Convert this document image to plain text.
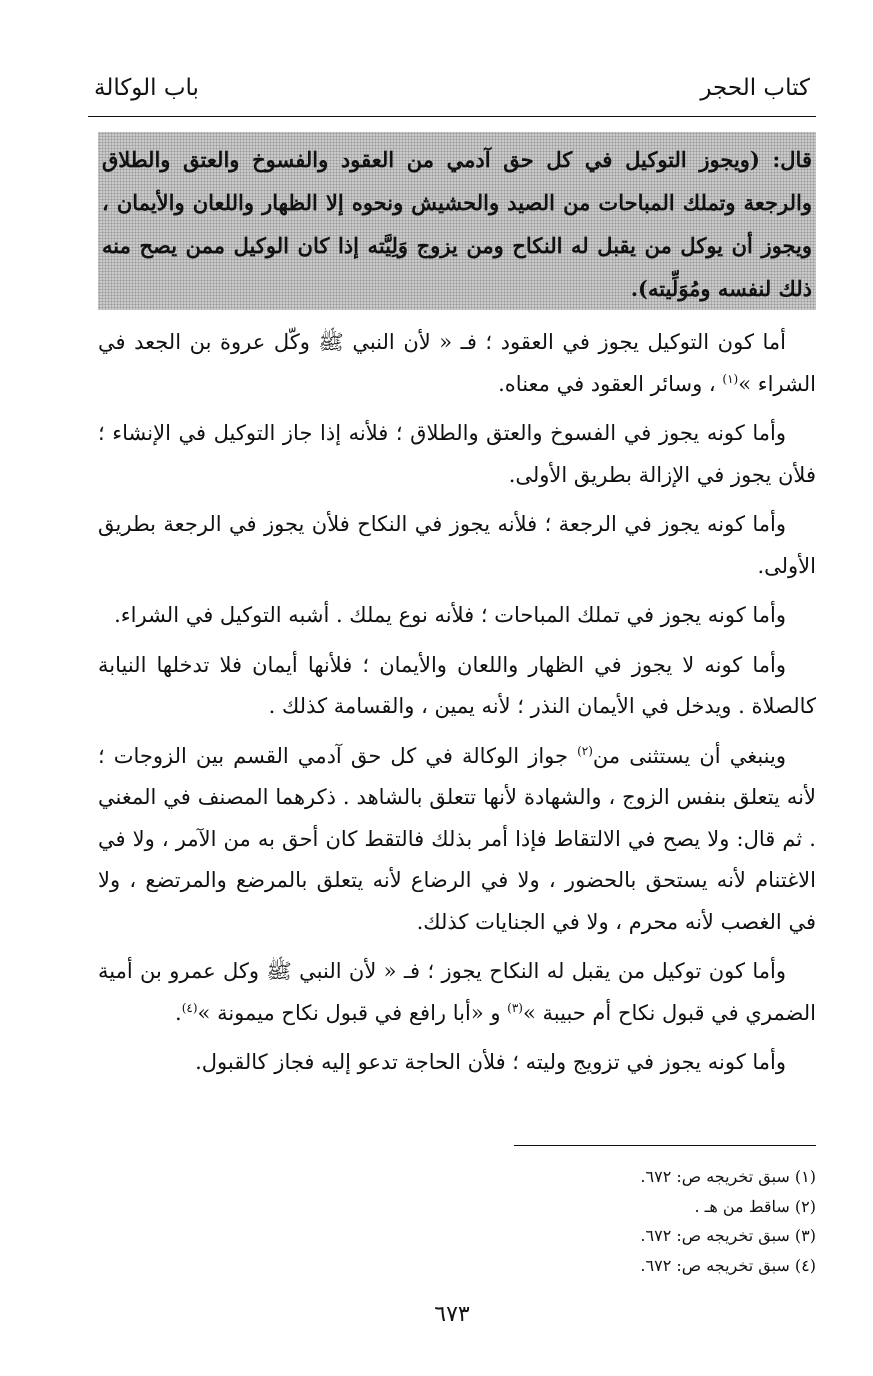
كتاب الحجر
باب الوكالة

قال: (ويجوز التوكيل في كل حق آدمي من العقود والفسوخ والعتق والطلاق والرجعة وتملك المباحات من الصيد والحشيش ونحوه إلا الظهار واللعان والأيمان ، ويجوز أن يوكل من يقبل له النكاح ومن يزوج وَلِيَّته إذا كان الوكيل ممن يصح منه ذلك لنفسه ومُوَلِّيته).

أما كون التوكيل يجوز في العقود ؛ فـ « لأن النبي ﷺ وكّل عروة بن الجعد في الشراء »$^{(١)}$ ، وسائر العقود في معناه.

وأما كونه يجوز في الفسوخ والعتق والطلاق ؛ فلأنه إذا جاز التوكيل في الإنشاء ؛ فلأن يجوز في الإزالة بطريق الأولى.

وأما كونه يجوز في الرجعة ؛ فلأنه يجوز في النكاح فلأن يجوز في الرجعة بطريق الأولى.

وأما كونه يجوز في تملك المباحات ؛ فلأنه نوع يملك . أشبه التوكيل في الشراء.

وأما كونه لا يجوز في الظهار واللعان والأيمان ؛ فلأنها أيمان فلا تدخلها النيابة كالصلاة . ويدخل في الأيمان النذر ؛ لأنه يمين ، والقسامة كذلك .

وينبغي أن يستثنى من$^{(٢)}$ جواز الوكالة في كل حق آدمي القسم بين الزوجات ؛ لأنه يتعلق بنفس الزوج ، والشهادة لأنها تتعلق بالشاهد . ذكرهما المصنف في المغني . ثم قال: ولا يصح في الالتقاط فإذا أمر بذلك فالتقط كان أحق به من الآمر ، ولا في الاغتنام لأنه يستحق بالحضور ، ولا في الرضاع لأنه يتعلق بالمرضع والمرتضع ، ولا في الغصب لأنه محرم ، ولا في الجنايات كذلك.

وأما كون توكيل من يقبل له النكاح يجوز ؛ فـ « لأن النبي ﷺ وكل عمرو بن أمية الضمري في قبول نكاح أم حبيبة »$^{(٣)}$ و «أبا رافع في قبول نكاح ميمونة »$^{(٤)}$.

وأما كونه يجوز في تزويج وليته ؛ فلأن الحاجة تدعو إليه فجاز كالقبول.

(١) سبق تخريجه ص: ٦٧٢.

(٢) ساقط من هـ .

(٣) سبق تخريجه ص: ٦٧٢.

(٤) سبق تخريجه ص: ٦٧٢.

٦٧٣
